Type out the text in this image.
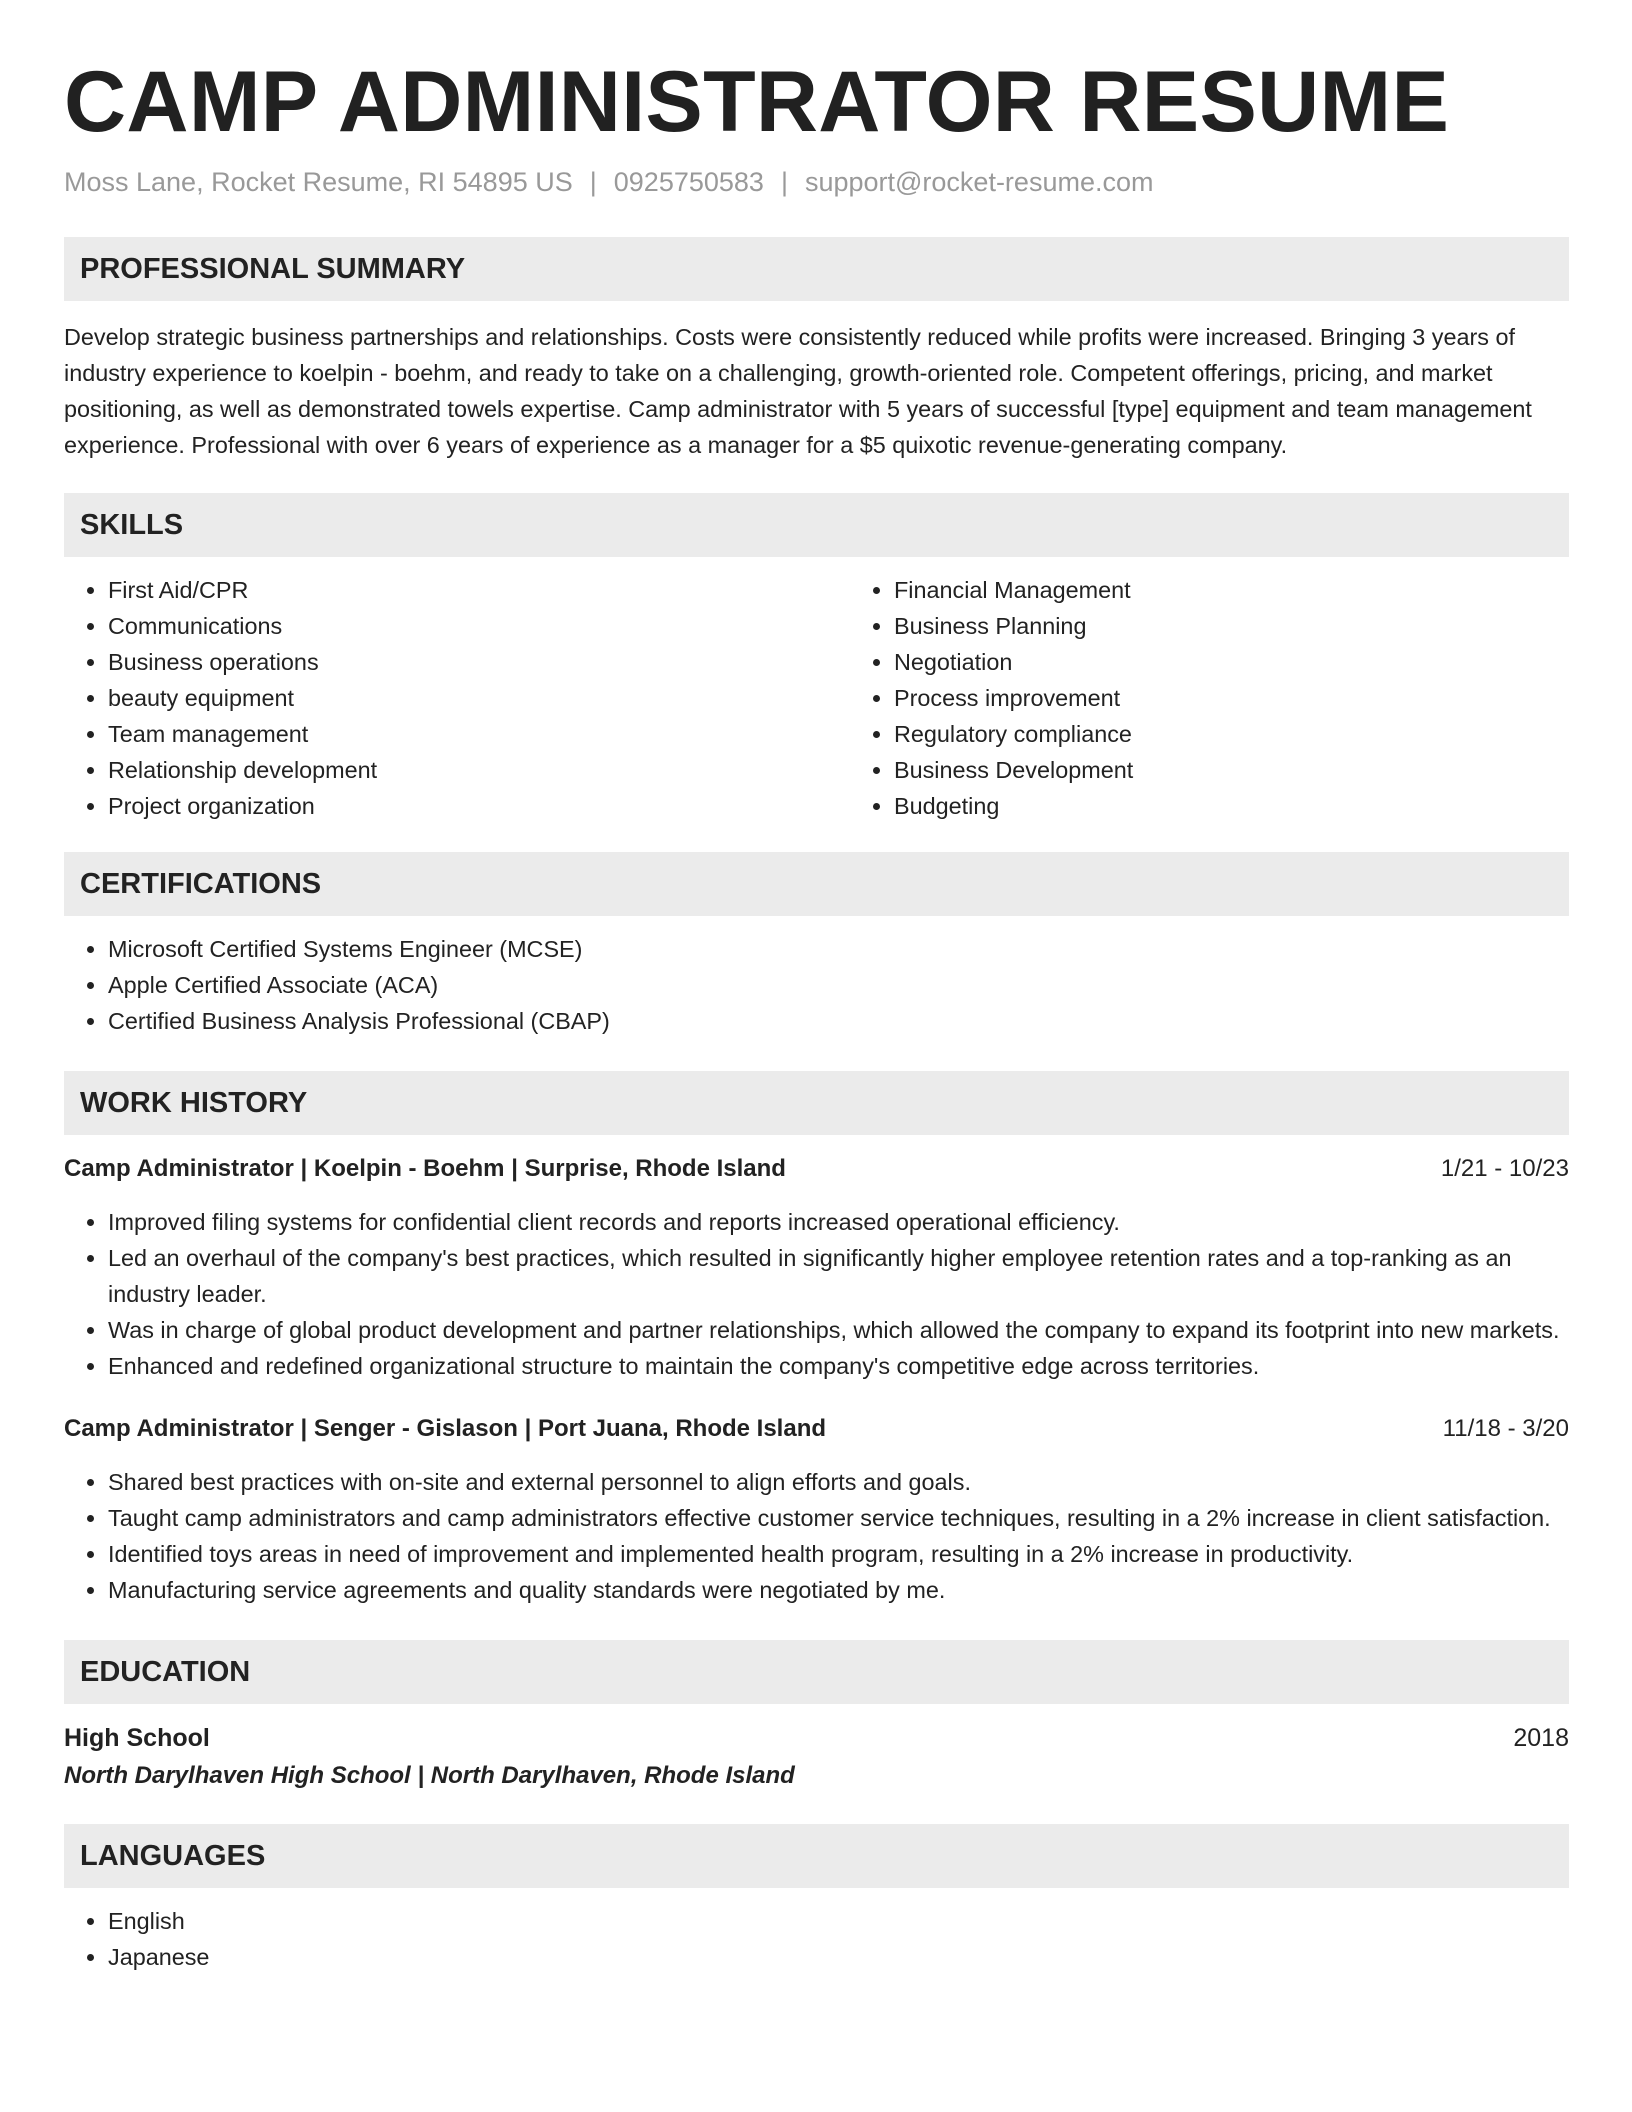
CAMP ADMINISTRATOR RESUME
Moss Lane, Rocket Resume, RI 54895 US | 0925750583 | support@rocket-resume.com
PROFESSIONAL SUMMARY

Develop strategic business partnerships and relationships. Costs were consistently reduced while profits were increased. Bringing 3 years of industry experience to koelpin - boehm, and ready to take on a challenging, growth-oriented role. Competent offerings, pricing, and market positioning, as well as demonstrated towels expertise. Camp administrator with 5 years of successful [type] equipment and team management experience. Professional with over 6 years of experience as a manager for a $5 quixotic revenue-generating company.

SKILLS
• First Aid/CPR
• Communications
• Business operations
• beauty equipment
• Team management
• Relationship development
• Project organization
• Financial Management
• Business Planning
• Negotiation
• Process improvement
• Regulatory compliance
• Business Development
• Budgeting
CERTIFICATIONS
• Microsoft Certified Systems Engineer (MCSE)
• Apple Certified Associate (ACA)
• Certified Business Analysis Professional (CBAP)
WORK HISTORY
Camp Administrator | Koelpin - Boehm | Surprise, Rhode Island	1/21 - 10/23
• Improved filing systems for confidential client records and reports increased operational efficiency.
• Led an overhaul of the company's best practices, which resulted in significantly higher employee retention rates and a top-ranking as an industry leader.
• Was in charge of global product development and partner relationships, which allowed the company to expand its footprint into new markets.
• Enhanced and redefined organizational structure to maintain the company's competitive edge across territories.
Camp Administrator | Senger - Gislason | Port Juana, Rhode Island	11/18 - 3/20
• Shared best practices with on-site and external personnel to align efforts and goals.
• Taught camp administrators and camp administrators effective customer service techniques, resulting in a 2% increase in client satisfaction.
• Identified toys areas in need of improvement and implemented health program, resulting in a 2% increase in productivity.
• Manufacturing service agreements and quality standards were negotiated by me.
EDUCATION
High School	2018
North Darylhaven High School | North Darylhaven, Rhode Island
LANGUAGES
• English
• Japanese
